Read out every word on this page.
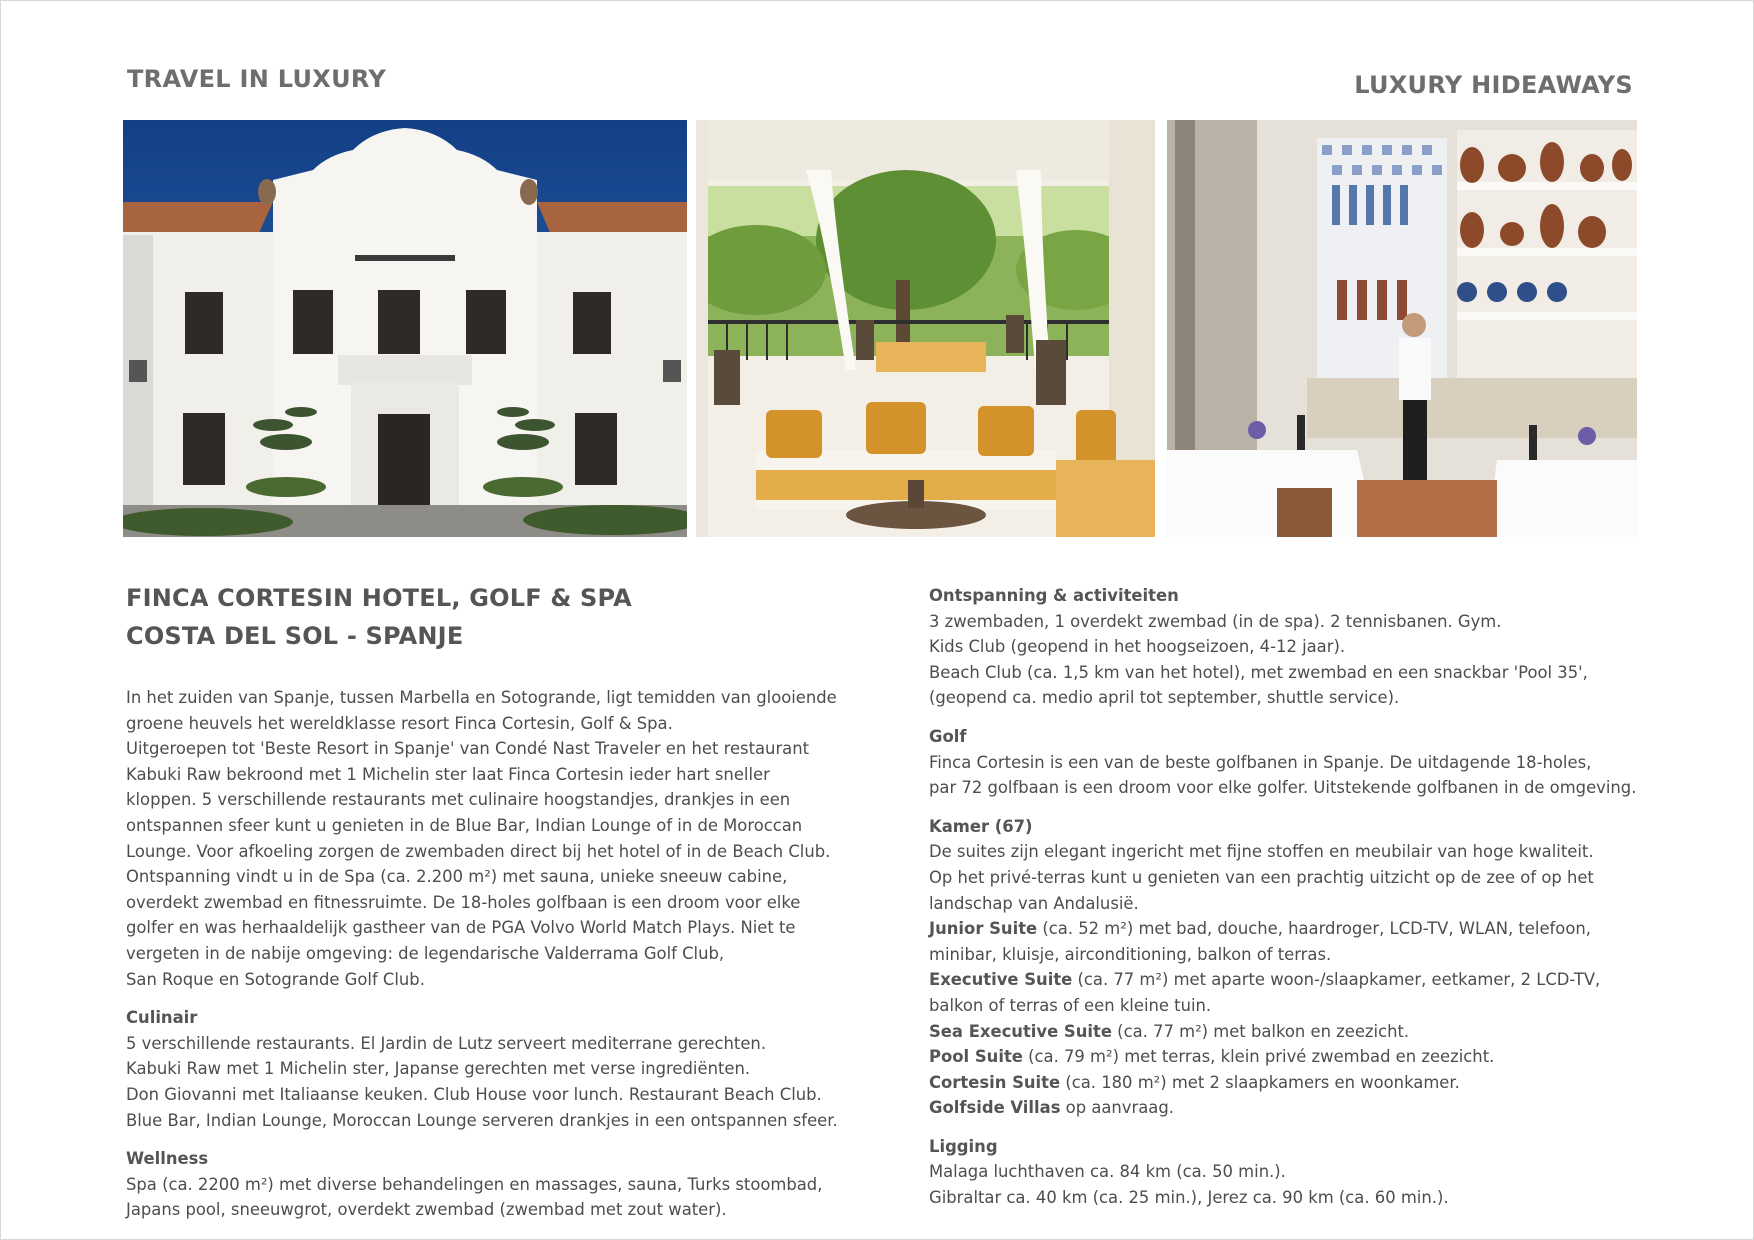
TRAVEL IN LUXURY	LUXURY HIDEAWAYS
FINCA CORTESIN HOTEL, GOLF & SPA
COSTA DEL SOL - SPANJE
In het zuiden van Spanje, tussen Marbella en Sotogrande, ligt temidden van glooiende
groene heuvels het wereldklasse resort Finca Cortesin, Golf & Spa.
Uitgeroepen tot 'Beste Resort in Spanje' van Condé Nast Traveler en het restaurant
Kabuki Raw bekroond met 1 Michelin ster laat Finca Cortesin ieder hart sneller
kloppen. 5 verschillende restaurants met culinaire hoogstandjes, drankjes in een
ontspannen sfeer kunt u genieten in de Blue Bar, Indian Lounge of in de Moroccan
Lounge. Voor afkoeling zorgen de zwembaden direct bij het hotel of in de Beach Club.
Ontspanning vindt u in de Spa (ca. 2.200 m²) met sauna, unieke sneeuw cabine,
overdekt zwembad en fitnessruimte. De 18-holes golfbaan is een droom voor elke
golfer en was herhaaldelijk gastheer van de PGA Volvo World Match Plays. Niet te
vergeten in de nabije omgeving: de legendarische Valderrama Golf Club,
San Roque en Sotogrande Golf Club.
Culinair
5 verschillende restaurants. El Jardin de Lutz serveert mediterrane gerechten.
Kabuki Raw met 1 Michelin ster, Japanse gerechten met verse ingrediënten.
Don Giovanni met Italiaanse keuken. Club House voor lunch. Restaurant Beach Club.
Blue Bar, Indian Lounge, Moroccan Lounge serveren drankjes in een ontspannen sfeer.
Wellness
Spa (ca. 2200 m²) met diverse behandelingen en massages, sauna, Turks stoombad,
Japans pool, sneeuwgrot, overdekt zwembad (zwembad met zout water).
Ontspanning & activiteiten
3 zwembaden, 1 overdekt zwembad (in de spa). 2 tennisbanen. Gym.
Kids Club (geopend in het hoogseizoen, 4-12 jaar).
Beach Club (ca. 1,5 km van het hotel), met zwembad en een snackbar 'Pool 35',
(geopend ca. medio april tot september, shuttle service).
Golf
Finca Cortesin is een van de beste golfbanen in Spanje. De uitdagende 18-holes,
par 72 golfbaan is een droom voor elke golfer. Uitstekende golfbanen in de omgeving.
Kamer (67)
De suites zijn elegant ingericht met fijne stoffen en meubilair van hoge kwaliteit.
Op het privé-terras kunt u genieten van een prachtig uitzicht op de zee of op het
landschap van Andalusië.
Junior Suite (ca. 52 m²) met bad, douche, haardroger, LCD-TV, WLAN, telefoon,
minibar, kluisje, airconditioning, balkon of terras.
Executive Suite (ca. 77 m²) met aparte woon-/slaapkamer, eetkamer, 2 LCD-TV,
balkon of terras of een kleine tuin.
Sea Executive Suite (ca. 77 m²) met balkon en zeezicht.
Pool Suite (ca. 79 m²) met terras, klein privé zwembad en zeezicht.
Cortesin Suite (ca. 180 m²) met 2 slaapkamers en woonkamer.
Golfside Villas op aanvraag.
Ligging
Malaga luchthaven ca. 84 km (ca. 50 min.).
Gibraltar ca. 40 km (ca. 25 min.), Jerez ca. 90 km (ca. 60 min.).
